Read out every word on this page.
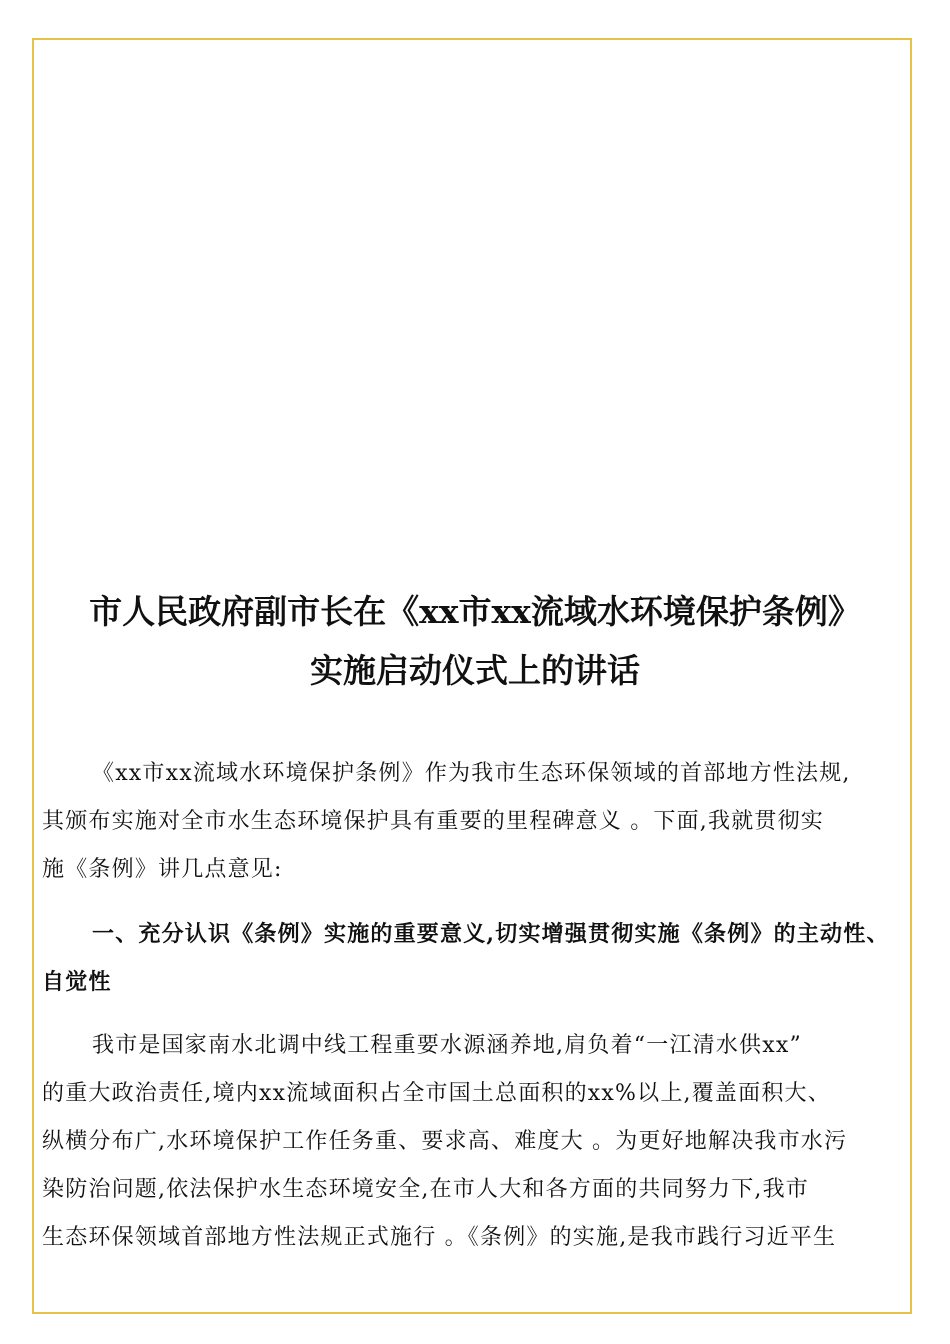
市人民政府副市长在《xx市xx流域水环境保护条例》
实施启动仪式上的讲话
《xx市xx流域水环境保护条例》作为我市生态环保领域的首部地方性法规,
其颁布实施对全市水生态环境保护具有重要的里程碑意义 。下面,我就贯彻实
施《条例》讲几点意见:
一、充分认识《条例》实施的重要意义,切实增强贯彻实施《条例》的主动性、
自觉性
我市是国家南水北调中线工程重要水源涵养地,肩负着“一江清水供xx”
的重大政治责任,境内xx流域面积占全市国土总面积的xx%以上,覆盖面积大、
纵横分布广,水环境保护工作任务重、要求高、难度大 。为更好地解决我市水污
染防治问题,依法保护水生态环境安全,在市人大和各方面的共同努力下,我市
生态环保领域首部地方性法规正式施行 。《条例》的实施,是我市践行习近平生
